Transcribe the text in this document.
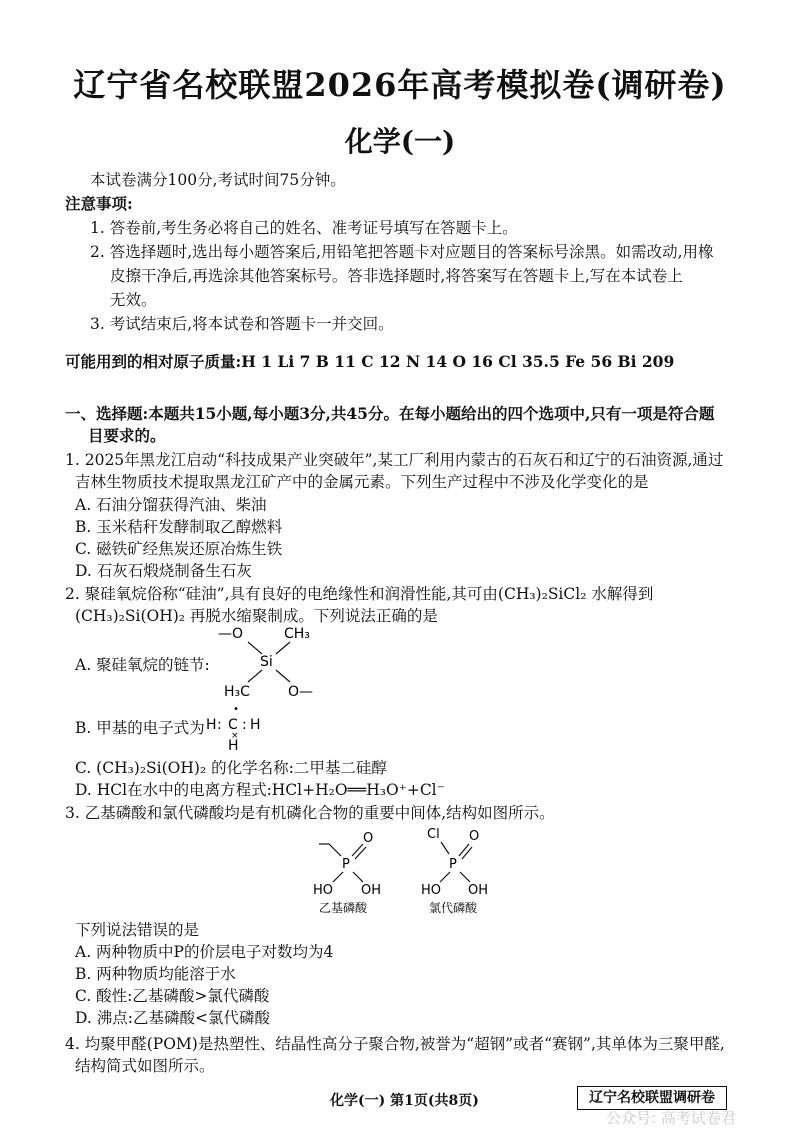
辽宁省名校联盟2026年高考模拟卷(调研卷)
化学(一)
本试卷满分100分,考试时间75分钟。
注意事项:
1. 答卷前,考生务必将自己的姓名、准考证号填写在答题卡上。
2. 答选择题时,选出每小题答案后,用铅笔把答题卡对应题目的答案标号涂黑。如需改动,用橡
皮擦干净后,再选涂其他答案标号。答非选择题时,将答案写在答题卡上,写在本试卷上
无效。
3. 考试结束后,将本试卷和答题卡一并交回。
可能用到的相对原子质量:H 1 Li 7 B 11 C 12 N 14 O 16 Cl 35.5 Fe 56 Bi 209
一、选择题:本题共15小题,每小题3分,共45分。在每小题给出的四个选项中,只有一项是符合题
目要求的。
1. 2025年黑龙江启动“科技成果产业突破年”,某工厂利用内蒙古的石灰石和辽宁的石油资源,通过
吉林生物质技术提取黑龙江矿产中的金属元素。下列生产过程中不涉及化学变化的是
A. 石油分馏获得汽油、柴油
B. 玉米秸秆发酵制取乙醇燃料
C. 磁铁矿经焦炭还原冶炼生铁
D. 石灰石煅烧制备生石灰
2. 聚硅氧烷俗称“硅油”,具有良好的电绝缘性和润滑性能,其可由(CH₃)₂SiCl₂ 水解得到
(CH₃)₂Si(OH)₂ 再脱水缩聚制成。下列说法正确的是
A. 聚硅氧烷的链节:
—O	CH₃
Si
H₃C	O—
B. 甲基的电子式为
•
H : C : H
×
H
C. (CH₃)₂Si(OH)₂ 的化学名称:二甲基二硅醇
D. HCl在水中的电离方程式:HCl+H₂O══H₃O⁺+Cl⁻
3. 乙基磷酸和氯代磷酸均是有机磷化合物的重要中间体,结构如图所示。
P
O
HO OH
乙基磷酸
Cl
P
O
HO OH
氯代磷酸
下列说法错误的是
A. 两种物质中P的价层电子对数均为4
B. 两种物质均能溶于水
C. 酸性:乙基磷酸>氯代磷酸
D. 沸点:乙基磷酸<氯代磷酸
4. 均聚甲醛(POM)是热塑性、结晶性高分子聚合物,被誉为“超钢”或者“赛钢”,其单体为三聚甲醛,
结构简式如图所示。
化学(一) 第1页(共8页)	辽宁名校联盟调研卷
公众号: 高考试卷君
